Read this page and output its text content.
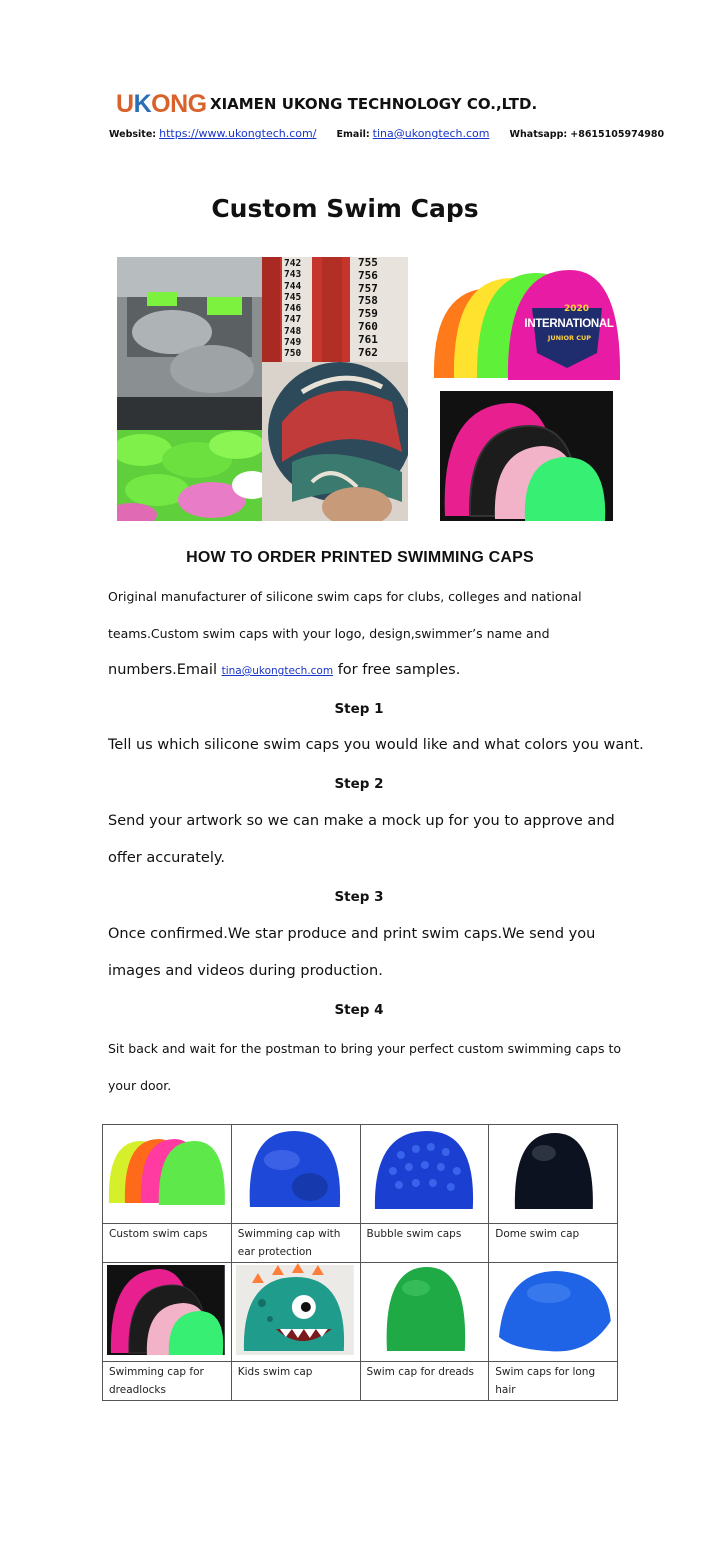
UKONG XIAMEN UKONG TECHNOLOGY CO.,LTD.
Website: https://www.ukongtech.com/ Email: tina@ukongtech.com Whatsapp: +8615105974980
Custom Swim Caps
742
743
744
745
746
747
748
749
750
755
756
757
758
759
760
761
762
2020
INTERNATIONAL
JUNIOR CUP
HOW TO ORDER PRINTED SWIMMING CAPS
Original manufacturer of silicone swim caps for clubs, colleges and national
teams.Custom swim caps with your logo, design,swimmer’s name and
numbers.Email tina@ukongtech.com for free samples.
Step 1
Tell us which silicone swim caps you would like and what colors you want.
Step 2
Send your artwork so we can make a mock up for you to approve and
offer accurately.
Step 3
Once confirmed.We star produce and print swim caps.We send you
images and videos during production.
Step 4
Sit back and wait for the postman to bring your perfect custom swimming caps to
your door.

Custom swim caps	Swimming cap with ear protection	Bubble swim caps	Dome swim cap

Swimming cap for dreadlocks	Kids swim cap	Swim cap for dreads	Swim caps for long hair
